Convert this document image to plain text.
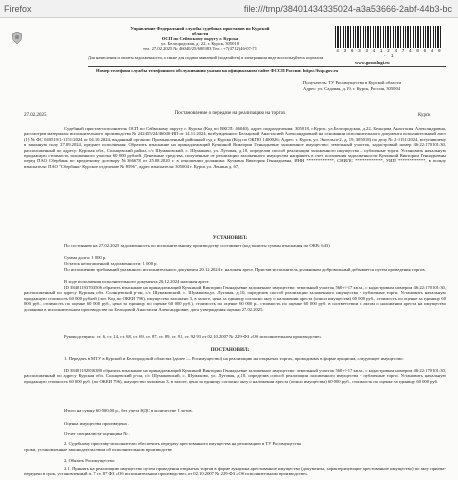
Firefox	file:///tmp/38401434335024-a3a53666-2abf-44b3-bc
Управление Федеральной службы судебных приставов по Курской
области
ОСП по Сеймскому округу г. Курска
ул. Белгородская, д. 22, г. Курск, 305018
тел. 27.02.2025 № 46040/25/600383 Тел.: +7(4712)46-07-71
4 3 6 3 3 4 1 2 4 7 4 0 6 4 9 - 1
Для начисления и оплаты задолженности, а также для подачи заявлений (ходатайств) в электронном виде воспользуйтесь порталом
www.gosuslugi.ru
Номер телефона службы телефонного обслуживания указан на официальном сайте ФССП России: https://fssp.gov.ru
Получатель: ТУ Росимущества в Курской области
Адрес: ул. Садовая, д.19, г. Курск, Россия, 305004
27.02.2025	Курск
Постановление о передаче на реализацию на торгах
Судебный пристав-исполнитель ОСП по Сеймскому округу г. Курска (Код по ВКСП: 46040), адрес подразделения: 305018, г.Курск, ул.Белгородская, д.22, Бельцова Анастасия Александровна, рассмотрев материалы исполнительного производства № 242455/24/46040-ИП от 14.11.2024, возбужденного Бельцовой Анастасией Александровной на основании исполнительного документа исполнительный лист (1) № ФС 040519/1-1151/2024 от 04.10.2024, выданный органом: Промышленный районный суд г. Курска (Код по ОКПО 1400026; Адрес: г. Курск, ул. Энгельса-2, д. 19, 305018) по делу № 2-1151/2024, вступившему в законную силу 27.09.2024, предмет исполнения: Обратить взыскание на принадлежащий Кучкиной Виктории Геннадьевне заложенное имущество: земельный участок, кадастровый номер 46:22:170101:30, расположенный по адресу: Курская обл., Солнцевский район, с/с Шумаковский, с. Шумаково, ул. Лутовая, д.10, определив способ реализации заложенного имущества – публичные торги. Установить начальную продажную стоимость заложенного участка 60 000 рублей. Денежные средства, полученные от реализации заложенного имущества направить в счет погашения задолженности Кучкиной Виктории Геннадьевны перед ПАО Сбербанк по кредитному договору №366678 от 25.08.2020 г. в отношении должника: Кучкина Виктория Геннадьевна, ИНН ************, СНИЛС ************, УИП ************, в пользу взыскателя: ПАО "Сбербанк- Курское отделение № 8596", адрес взыскателя: 305004 г. Курск ул. Ленина д. 67,
УСТАНОВИЛ:
По состоянию на 27.02.2025 задолженность по исполнительному производству составляет (код валюты суммы взыскания по ОКВ: 643)
Сумма долга: 1 000 р.
Остаток непогашенной задолженности: 1 000 р.
По исполнению требований указанного исполнительного документа 20.12.2024 г. наложен арест. Пристав-исполнитель должником добровольный добывается путем проведения торгов.
В ходе исполнения исполнительного документа 20.12.2024 наложен арест.
ID 38401193703506 обратить взыскание на принадлежащий Кучкиной Виктории Геннадьевне заложенное имущество: земельный участок 560+/-17 кв.м., с кадастровым номером 46:22:170101:30, расположенный по адресу Курская обл. Солнцевский р-он, с/с Шумаковский, с. Шумаково,ул. Лутовая, д.10, определив способ реализации заложенного имущества - публичные торги. Установить начальную продажную стоимость 60 000 рублей (лот, Код по ОКЕИ 796), имущество заложено 3, в залоге, цена за единицу согласно акту о наложении ареста (описи имущества) 60 000 руб., стоимость по оценке за единицу 60 000 руб., стоимость по оценке 60 000 руб., цена за единицу по оценке 60 000 руб.), стоимость по оценке 60 000 р., стоимость по оценке 60 000 руб. в соответствии с актом о наложении ареста на имущество должника в исполнительном производстве по Бельцовой Анастасии Александровне, дата утверждения оценки 27.02.2025.
Руководствуясь: ст. 6, ст. 14, ст. 68, ст. 69, ст. 87, ст. 89, ст. 91, ст. 92 93 от 02.10.2007 № 229-ФЗ «Об исполнительном производстве»
ПОСТАНОВИЛ:
1. Передать в МТУ в Курской и Белгородской областях (далее — Росимущество) на реализацию на открытых торгах, проводимых в форме аукциона, следующее имущество:
ID 38401192836380 обратить взыскание на принадлежащий Кучкиной Виктории Геннадьевне заложенное имущество: земельный участок 560+/-17 кв.м., с кадастровым номером 46:22:170101:30, расположенный по адресу Курская обл. Солнцевский р-он, с/с Шумаковский, с. Шумаково, ул. Лутовая, д.10, определив способ реализации заложенного имущества - публичные торги. Установить начальную продажную стоимость 60 000 руб. (по ОКЕИ 796), имущество заложено 3, в залоге, цена за единицу согласно акту о наложении ареста (описи имущества) 60 000 руб., стоимость по оценке за единицу 60 000 руб.
Итого на сумму 60 000,00 р., без учета НДС в количестве 1 лотов.
Оценка имущества произведена .
Отчет специалиста-оценщика № .
2. Судебному приставу-исполнителю обеспечить передачу арестованного имущества на реализацию в ТУ Росимущества
сроки, установленные законодательством об исполнительном производстве
2. Обязать Росимущество:
2.1. Принять на реализацию имущество путем проведения открытых торгов в форме аукциона арестованное имущество (документы, характеризующие арестованное имущество) по акту приема-передачи в срок, установленный п. 7 ст. 87 ФЗ «Об исполнительном производстве» от 02.10.2007 № 229-ФЗ «Об исполнительном производстве».
